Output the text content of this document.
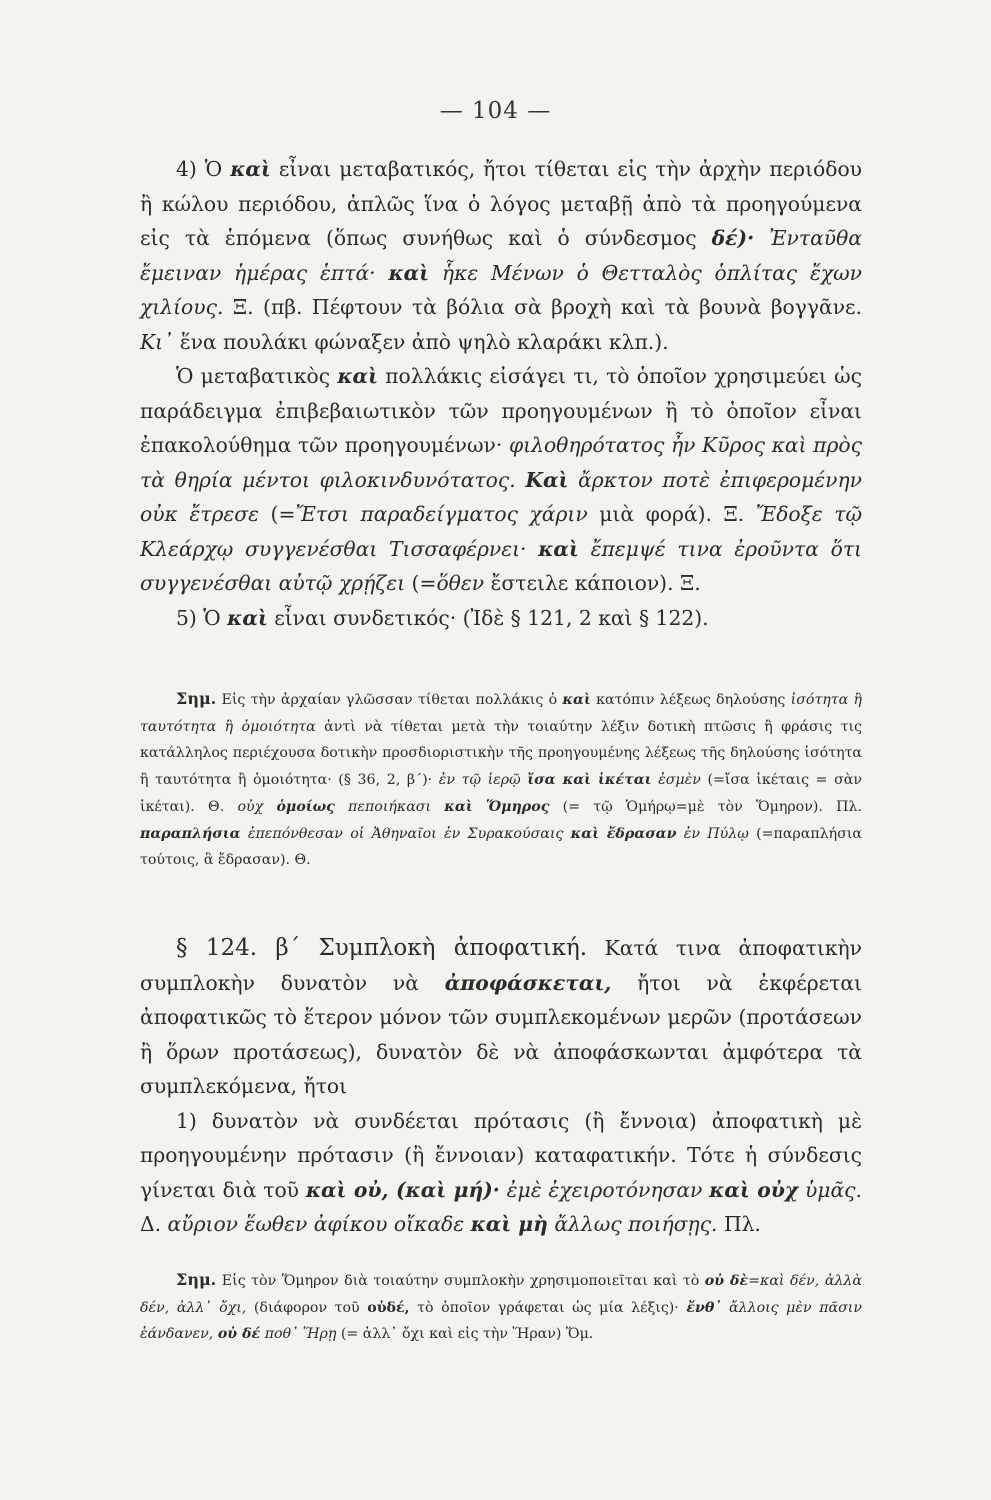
— 104 —

4) Ὁ καὶ εἶναι μεταβατικός, ἤτοι τίθεται εἰς τὴν ἀρχὴν περιόδου ἢ κώλου περιόδου, ἁπλῶς ἵνα ὁ λόγος μεταβῇ ἀπὸ τὰ προηγούμενα εἰς τὰ ἑπόμενα (ὅπως συνήθως καὶ ὁ σύνδεσμος δέ)· Ἐνταῦθα ἔμειναν ἡμέρας ἑπτά· καὶ ἧκε Μένων ὁ Θετταλὸς ὁπλίτας ἔχων χιλίους. Ξ. (πβ. Πέφτουν τὰ βόλια σὰ βροχὴ καὶ τὰ βουνὰ βογγᾶνε. Κι᾽ ἕνα πουλάκι φώναξεν ἀπὸ ψηλὸ κλαράκι κλπ.).

Ὁ μεταβατικὸς καὶ πολλάκις εἰσάγει τι, τὸ ὁποῖον χρησιμεύει ὡς παράδειγμα ἐπιβεβαιωτικὸν τῶν προηγουμένων ἢ τὸ ὁποῖον εἶναι ἐπακολούθημα τῶν προηγουμένων· φιλοθηρότατος ἦν Κῦρος καὶ πρὸς τὰ θηρία μέντοι φιλοκινδυνότατος. Καὶ ἄρκτον ποτὲ ἐπιφερομένην οὐκ ἔτρεσε (=Ἔτσι παραδείγματος χάριν μιὰ φορά). Ξ. Ἔδοξε τῷ Κλεάρχῳ συγγενέσθαι Τισσαφέρνει· καὶ ἔπεμψέ τινα ἐροῦντα ὅτι συγγενέσθαι αὐτῷ χρῄζει (=ὅθεν ἔστειλε κάποιον). Ξ.

5) Ὁ καὶ εἶναι συνδετικός· (Ἰδὲ § 121, 2 καὶ § 122).

Σημ. Εἰς τὴν ἀρχαίαν γλῶσσαν τίθεται πολλάκις ὁ καὶ κατόπιν λέξεως δηλούσης ἰσότητα ἢ ταυτότητα ἢ ὁμοιότητα ἀντὶ νὰ τίθεται μετὰ τὴν τοιαύτην λέξιν δοτικὴ πτῶσις ἢ φράσις τις κατάλληλος περιέχουσα δοτικὴν προσδιοριστικὴν τῆς προηγουμένης λέξεως τῆς δηλούσης ἰσότητα ἢ ταυτότητα ἢ ὁμοιότητα· (§ 36, 2, β΄)· ἐν τῷ ἱερῷ ἴσα καὶ ἱκέται ἐσμὲν (=ἴσα ἱκέταις = σὰν ἱκέται). Θ. οὐχ ὁμοίως πεποιήκασι καὶ Ὅμηρος (= τῷ Ὁμήρῳ=μὲ τὸν Ὅμηρον). Πλ. παραπλήσια ἐπεπόνθεσαν οἱ Ἀθηναῖοι ἐν Συρακούσαις καὶ ἔδρασαν ἐν Πύλῳ (=παραπλήσια τούτοις, ἃ ἔδρασαν). Θ.

§ 124. β΄ Συμπλοκὴ ἀποφατική. Κατά τινα ἀποφατικὴν συμπλοκὴν δυνατὸν νὰ ἀποφάσκεται, ἤτοι νὰ ἐκφέρεται ἀποφατικῶς τὸ ἕτερον μόνον τῶν συμπλεκομένων μερῶν (προτάσεων ἢ ὅρων προτάσεως), δυνατὸν δὲ νὰ ἀποφάσκωνται ἀμφότερα τὰ συμπλεκόμενα, ἤτοι

1) δυνατὸν νὰ συνδέεται πρότασις (ἢ ἔννοια) ἀποφατικὴ μὲ προηγουμένην πρότασιν (ἢ ἔννοιαν) καταφατικήν. Τότε ἡ σύνδεσις γίνεται διὰ τοῦ καὶ οὐ, (καὶ μή)· ἐμὲ ἐχειροτόνησαν καὶ οὐχ ὑμᾶς. Δ. αὔριον ἕωθεν ἀφίκου οἴκαδε καὶ μὴ ἄλλως ποιήσῃς. Πλ.

Σημ. Εἰς τὸν Ὅμηρον διὰ τοιαύτην συμπλοκὴν χρησιμοποιεῖται καὶ τὸ οὐ δὲ=καὶ δέν, ἀλλὰ δέν, ἀλλ᾽ ὄχι, (διάφορον τοῦ οὐδέ, τὸ ὁποῖον γράφεται ὡς μία λέξις)· ἔνθ᾽ ἄλλοις μὲν πᾶσιν ἑάνδανεν, οὐ δέ ποθ᾽ Ἥρῃ (= ἀλλ᾽ ὄχι καὶ εἰς τὴν Ἥραν) Ὅμ.
